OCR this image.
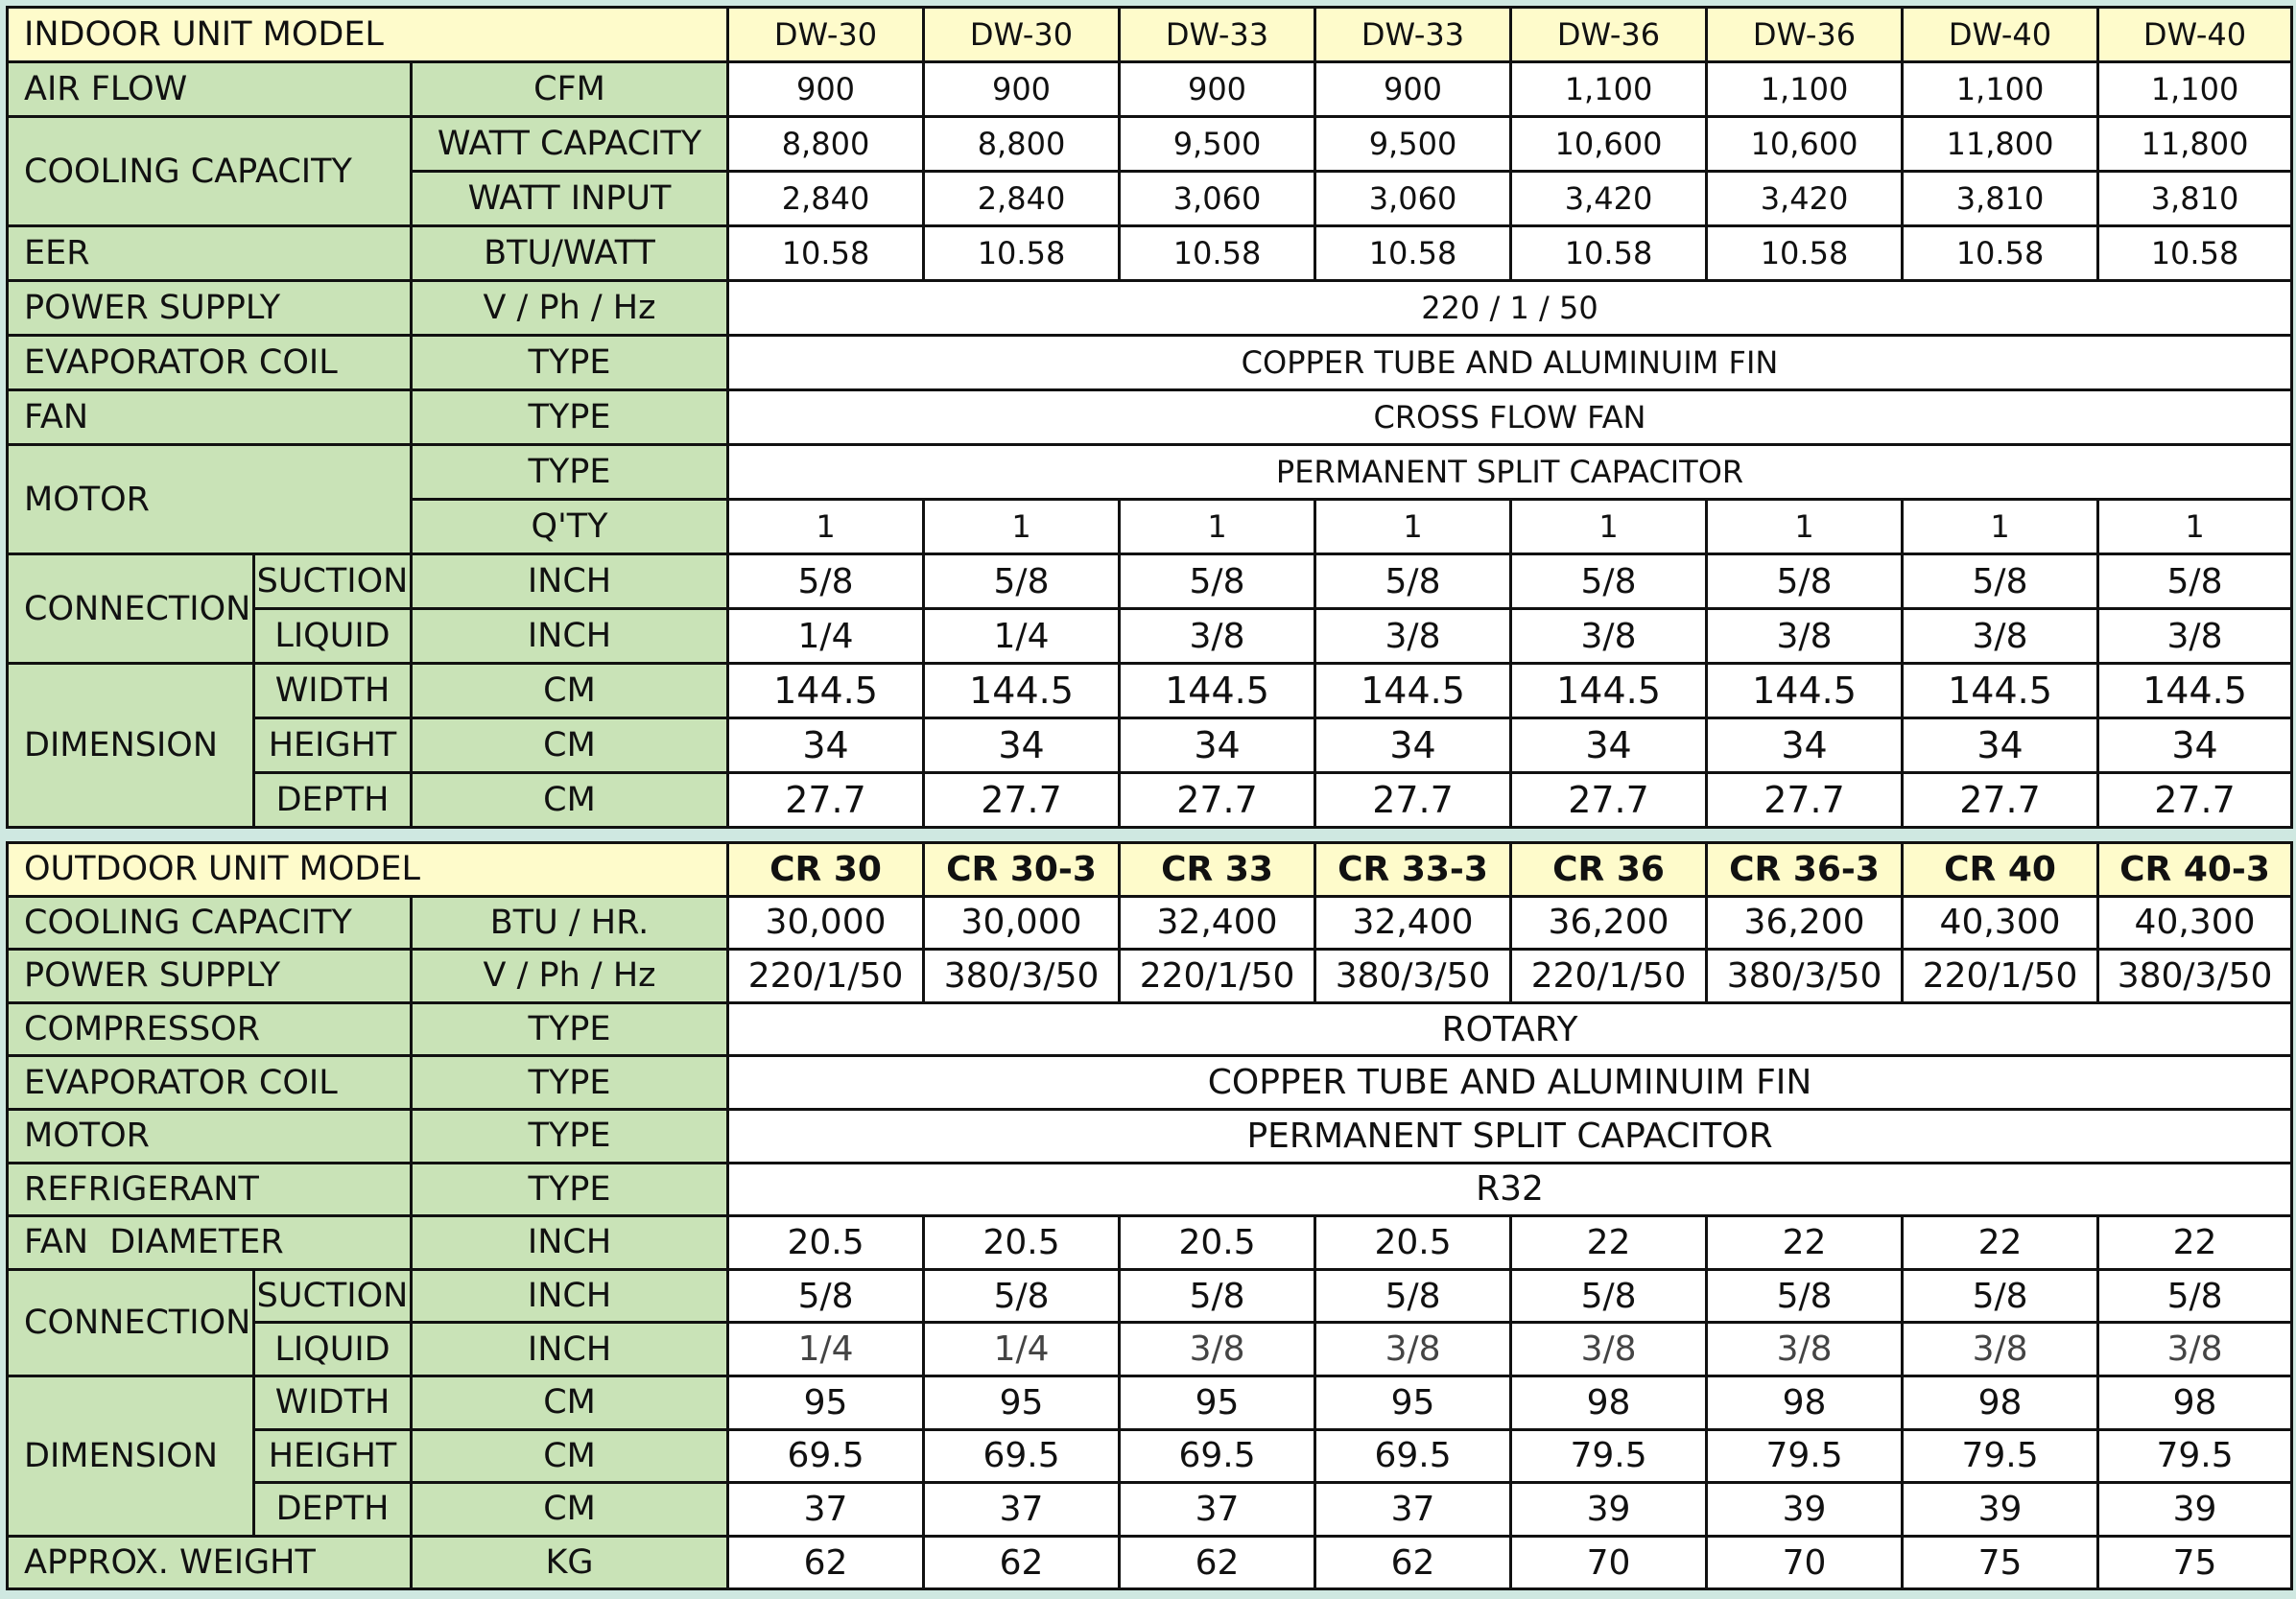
INDOOR UNIT MODEL			DW-30	DW-30	DW-33	DW-33	DW-36	DW-36	DW-40	DW-40
AIR FLOW		CFM	900	900	900	900	1,100	1,100	1,100	1,100
COOLING CAPACITY		WATT CAPACITY	8,800	8,800	9,500	9,500	10,600	10,600	11,800	11,800
		WATT INPUT	2,840	2,840	3,060	3,060	3,420	3,420	3,810	3,810
EER		BTU/WATT	10.58	10.58	10.58	10.58	10.58	10.58	10.58	10.58
POWER SUPPLY		V / Ph / Hz	220 / 1 / 50							
EVAPORATOR COIL		TYPE	COPPER TUBE AND ALUMINUIM FIN							
FAN		TYPE	CROSS FLOW FAN							
MOTOR		TYPE	PERMANENT SPLIT CAPACITOR							
		Q'TY	1	1	1	1	1	1	1	1
CONNECTION	SUCTION	INCH	5/8	5/8	5/8	5/8	5/8	5/8	5/8	5/8
	LIQUID	INCH	1/4	1/4	3/8	3/8	3/8	3/8	3/8	3/8
DIMENSION	WIDTH	CM	144.5	144.5	144.5	144.5	144.5	144.5	144.5	144.5
	HEIGHT	CM	34	34	34	34	34	34	34	34
	DEPTH	CM	27.7	27.7	27.7	27.7	27.7	27.7	27.7	27.7
OUTDOOR UNIT MODEL			CR 30	CR 30-3	CR 33	CR 33-3	CR 36	CR 36-3	CR 40	CR 40-3
COOLING CAPACITY		BTU / HR.	30,000	30,000	32,400	32,400	36,200	36,200	40,300	40,300
POWER SUPPLY		V / Ph / Hz	220/1/50	380/3/50	220/1/50	380/3/50	220/1/50	380/3/50	220/1/50	380/3/50
COMPRESSOR		TYPE	ROTARY							
EVAPORATOR COIL		TYPE	COPPER TUBE AND ALUMINUIM FIN							
MOTOR		TYPE	PERMANENT SPLIT CAPACITOR							
REFRIGERANT		TYPE	R32							
FAN  DIAMETER		INCH	20.5	20.5	20.5	20.5	22	22	22	22
CONNECTION	SUCTION	INCH	5/8	5/8	5/8	5/8	5/8	5/8	5/8	5/8
	LIQUID	INCH	1/4	1/4	3/8	3/8	3/8	3/8	3/8	3/8
DIMENSION	WIDTH	CM	95	95	95	95	98	98	98	98
	HEIGHT	CM	69.5	69.5	69.5	69.5	79.5	79.5	79.5	79.5
	DEPTH	CM	37	37	37	37	39	39	39	39
APPROX. WEIGHT		KG	62	62	62	62	70	70	75	75
